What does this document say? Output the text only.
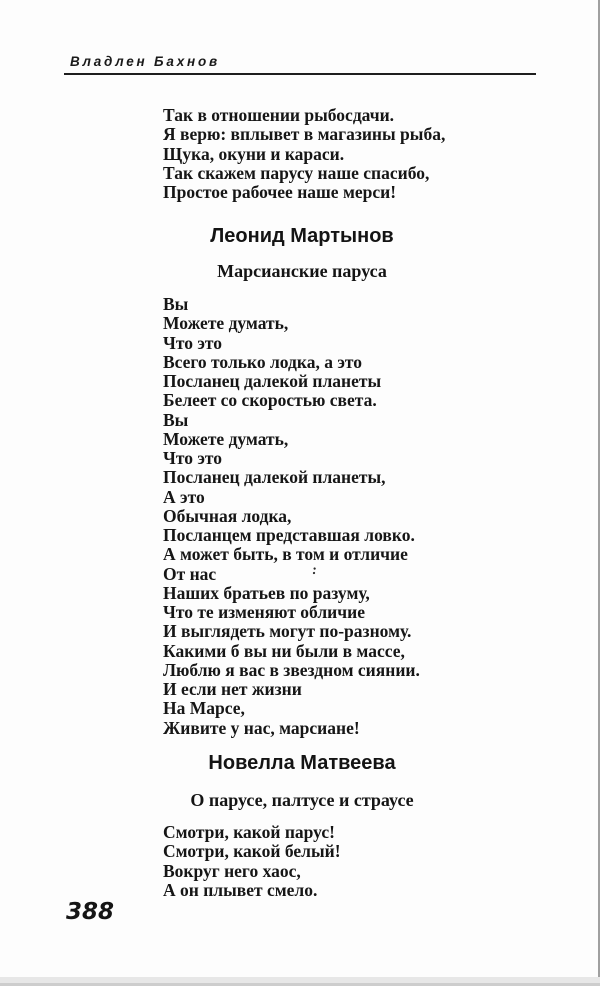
Владлен Бахнов
Так в отношении рыбосдачи.
Я верю: вплывет в магазины рыба,
Щука, окуни и караси.
Так скажем парусу наше спасибо,
Простое рабочее наше мерси!
Леонид Мартынов
Марсианские паруса
Вы
Можете думать,
Что это
Всего только лодка, а это
Посланец далекой планеты
Белеет со скоростью света.
Вы
Можете думать,
Что это
Посланец далекой планеты,
А это
Обычная лодка,
Посланцем представшая ловко.
А может быть, в том и отличие
От нас
Наших братьев по разуму,
Что те изменяют обличие
И выглядеть могут по-разному.
Какими б вы ни были в массе,
Люблю я вас в звездном сиянии.
И если нет жизни
На Марсе,
Живите у нас, марсиане!
:
Новелла Матвеева
О парусе, палтусе и страусе
Смотри, какой парус!
Смотри, какой белый!
Вокруг него хаос,
А он плывет смело.
388
